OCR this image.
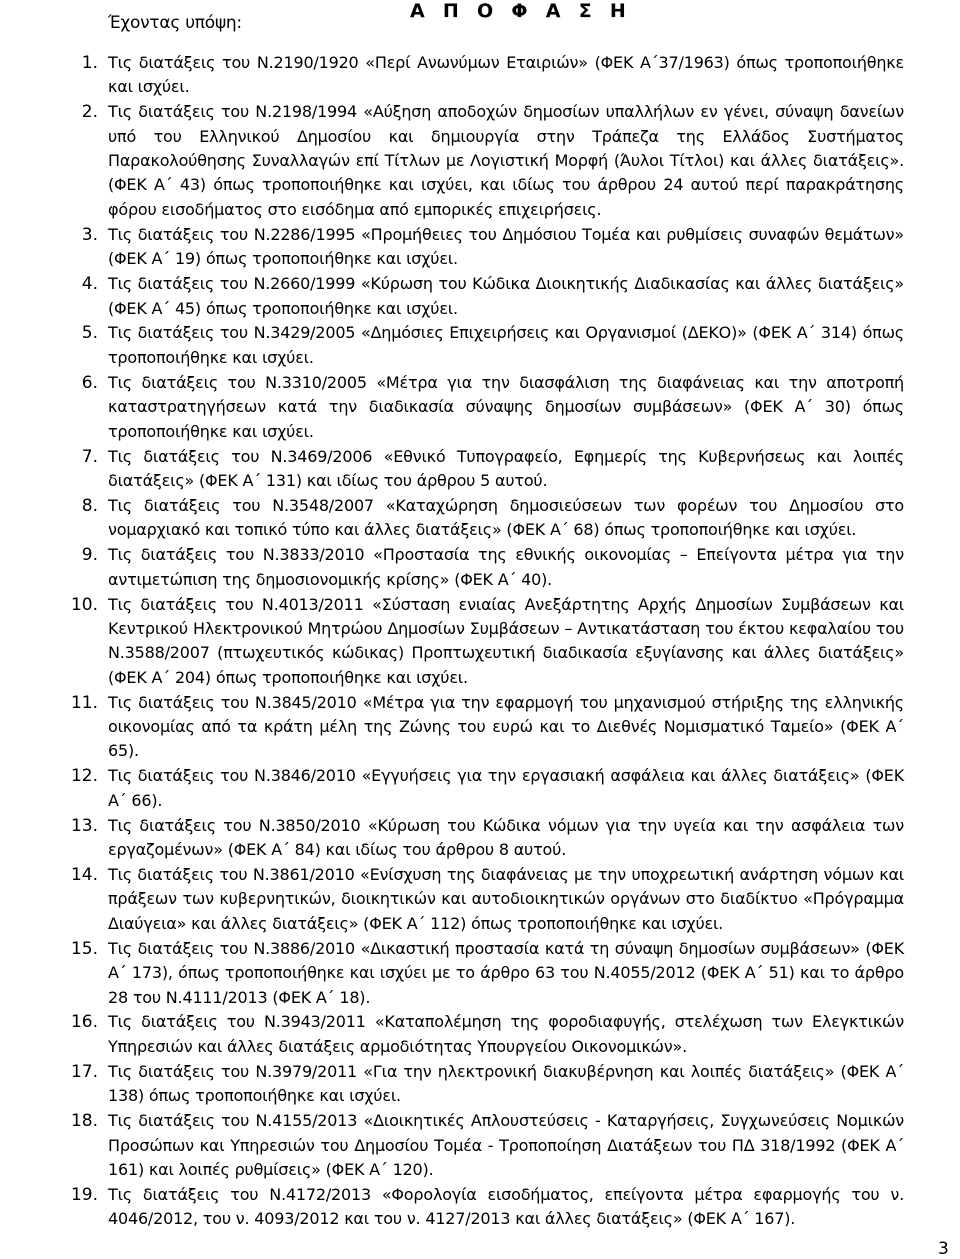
Έχοντας υπόψη:
Α Π Ο Φ Α Σ Η
1. Τις διατάξεις του Ν.2190/1920 «Περί Ανωνύμων Εταιριών» (ΦΕΚ Α΄37/1963) όπως τροποποιήθηκε και ισχύει.
2. Τις διατάξεις του Ν.2198/1994 «Αύξηση αποδοχών δημοσίων υπαλλήλων εν γένει, σύναψη δανείων υπό του Ελληνικού Δημοσίου και δημιουργία στην Τράπεζα της Ελλάδος Συστήματος Παρακολούθησης Συναλλαγών επί Τίτλων με Λογιστική Μορφή (Άυλοι Τίτλοι) και άλλες διατάξεις». (ΦΕΚ Α΄ 43) όπως τροποποιήθηκε και ισχύει, και ιδίως του άρθρου 24 αυτού περί παρακράτησης φόρου εισοδήματος στο εισόδημα από εμπορικές επιχειρήσεις.
3. Τις διατάξεις του Ν.2286/1995 «Προμήθειες του Δημόσιου Τομέα και ρυθμίσεις συναφών θεμάτων» (ΦΕΚ Α΄ 19) όπως τροποποιήθηκε και ισχύει.
4. Τις διατάξεις του Ν.2660/1999 «Κύρωση του Κώδικα Διοικητικής Διαδικασίας και άλλες διατάξεις» (ΦΕΚ Α΄ 45) όπως τροποποιήθηκε και ισχύει.
5. Τις διατάξεις του Ν.3429/2005 «Δημόσιες Επιχειρήσεις και Οργανισμοί (ΔΕΚΟ)» (ΦΕΚ Α΄ 314) όπως τροποποιήθηκε και ισχύει.
6. Τις διατάξεις του Ν.3310/2005 «Μέτρα για την διασφάλιση της διαφάνειας και την αποτροπή καταστρατηγήσεων κατά την διαδικασία σύναψης δημοσίων συμβάσεων» (ΦΕΚ Α΄ 30) όπως τροποποιήθηκε και ισχύει.
7. Τις διατάξεις του Ν.3469/2006 «Εθνικό Τυπογραφείο, Εφημερίς της Κυβερνήσεως και λοιπές διατάξεις» (ΦΕΚ Α΄ 131) και ιδίως του άρθρου 5 αυτού.
8. Τις διατάξεις του Ν.3548/2007 «Καταχώρηση δημοσιεύσεων των φορέων του Δημοσίου στο νομαρχιακό και τοπικό τύπο και άλλες διατάξεις» (ΦΕΚ Α΄ 68) όπως τροποποιήθηκε και ισχύει.
9. Τις διατάξεις του Ν.3833/2010 «Προστασία της εθνικής οικονομίας – Επείγοντα μέτρα για την αντιμετώπιση της δημοσιονομικής κρίσης» (ΦΕΚ Α΄ 40).
10. Τις διατάξεις του Ν.4013/2011 «Σύσταση ενιαίας Ανεξάρτητης Αρχής Δημοσίων Συμβάσεων και Κεντρικού Ηλεκτρονικού Μητρώου Δημοσίων Συμβάσεων – Αντικατάσταση του έκτου κεφαλαίου του Ν.3588/2007 (πτωχευτικός κώδικας) Προπτωχευτική διαδικασία εξυγίανσης και άλλες διατάξεις» (ΦΕΚ Α΄ 204) όπως τροποποιήθηκε και ισχύει.
11. Τις διατάξεις του Ν.3845/2010 «Μέτρα για την εφαρμογή του μηχανισμού στήριξης της ελληνικής οικονομίας από τα κράτη μέλη της Ζώνης του ευρώ και το Διεθνές Νομισματικό Ταμείο» (ΦΕΚ Α΄ 65).
12. Τις διατάξεις του Ν.3846/2010 «Εγγυήσεις για την εργασιακή ασφάλεια και άλλες διατάξεις» (ΦΕΚ Α΄ 66).
13. Τις διατάξεις του Ν.3850/2010 «Κύρωση του Κώδικα νόμων για την υγεία και την ασφάλεια των εργαζομένων» (ΦΕΚ Α΄ 84) και ιδίως του άρθρου 8 αυτού.
14. Τις διατάξεις του Ν.3861/2010 «Ενίσχυση της διαφάνειας με την υποχρεωτική ανάρτηση νόμων και πράξεων των κυβερνητικών, διοικητικών και αυτοδιοικητικών οργάνων στο διαδίκτυο «Πρόγραμμα Διαύγεια» και άλλες διατάξεις» (ΦΕΚ Α΄ 112) όπως τροποποιήθηκε και ισχύει.
15. Τις διατάξεις του Ν.3886/2010 «Δικαστική προστασία κατά τη σύναψη δημοσίων συμβάσεων» (ΦΕΚ Α΄ 173), όπως τροποποιήθηκε και ισχύει με το άρθρο 63 του Ν.4055/2012 (ΦΕΚ Α΄ 51) και το άρθρο 28 του Ν.4111/2013 (ΦΕΚ Α΄ 18).
16. Τις διατάξεις του Ν.3943/2011 «Καταπολέμηση της φοροδιαφυγής, στελέχωση των Ελεγκτικών Υπηρεσιών και άλλες διατάξεις αρμοδιότητας Υπουργείου Οικονομικών».
17. Τις διατάξεις του Ν.3979/2011 «Για την ηλεκτρονική διακυβέρνηση και λοιπές διατάξεις» (ΦΕΚ Α΄ 138) όπως τροποποιήθηκε και ισχύει.
18. Τις διατάξεις του Ν.4155/2013 «Διοικητικές Απλουστεύσεις - Καταργήσεις, Συγχωνεύσεις Νομικών Προσώπων και Υπηρεσιών του Δημοσίου Τομέα - Τροποποίηση Διατάξεων του ΠΔ 318/1992 (ΦΕΚ Α΄ 161) και λοιπές ρυθμίσεις» (ΦΕΚ Α΄ 120).
19. Τις διατάξεις του Ν.4172/2013 «Φορολογία εισοδήματος, επείγοντα μέτρα εφαρμογής του ν. 4046/2012, του ν. 4093/2012 και του ν. 4127/2013 και άλλες διατάξεις» (ΦΕΚ Α΄ 167).
3
